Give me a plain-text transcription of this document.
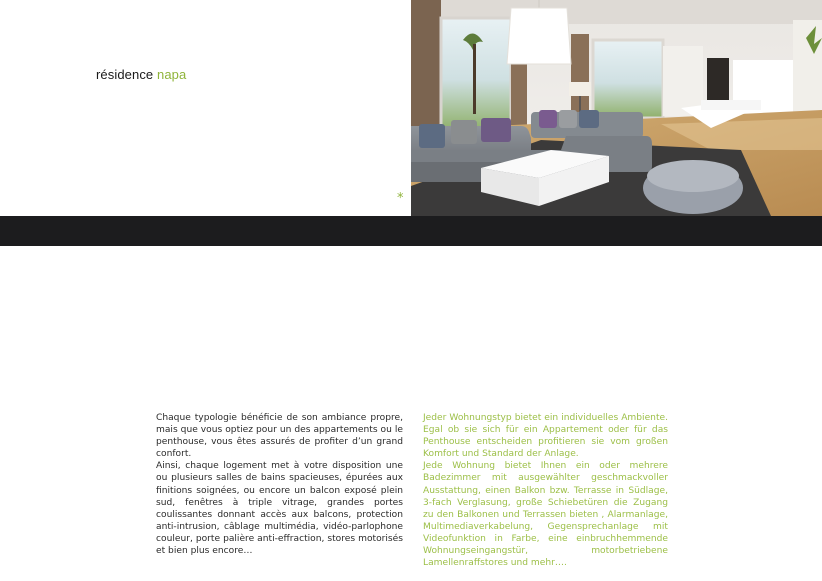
résidence napa
*

Chaque typologie bénéficie de son ambiance propre, mais que vous optiez pour un des appartements ou le penthouse, vous êtes assurés de profiter d’un grand confort.

Ainsi, chaque logement met à votre disposition une ou plusieurs salles de bains spacieuses, épurées aux finitions soignées, ou encore un balcon exposé plein sud, fenêtres à triple vitrage, grandes portes coulissantes donnant accès aux balcons, protection anti-intrusion, câblage multimédia, vidéo-parlophone couleur, porte palière anti-effraction, stores motorisés et bien plus encore…

Jeder Wohnungstyp bietet ein individuelles Ambiente. Egal ob sie sich für ein Appartement oder für das Penthouse entscheiden profitieren sie vom großen Komfort und Standard der Anlage.

Jede Wohnung bietet Ihnen ein oder mehrere Badezimmer mit ausgewählter geschmackvoller Ausstattung, einen Balkon bzw. Terrasse in Südlage, 3-fach Verglasung, große Schiebetüren die Zugang zu den Balkonen und Terrassen bieten , Alarmanlage, Multimediaverkabelung, Gegensprechanlage mit Videofunktion in Farbe, eine einbruchhemmende Wohnungseingangstür, motorbetriebene Lamellenraffstores und mehr….
